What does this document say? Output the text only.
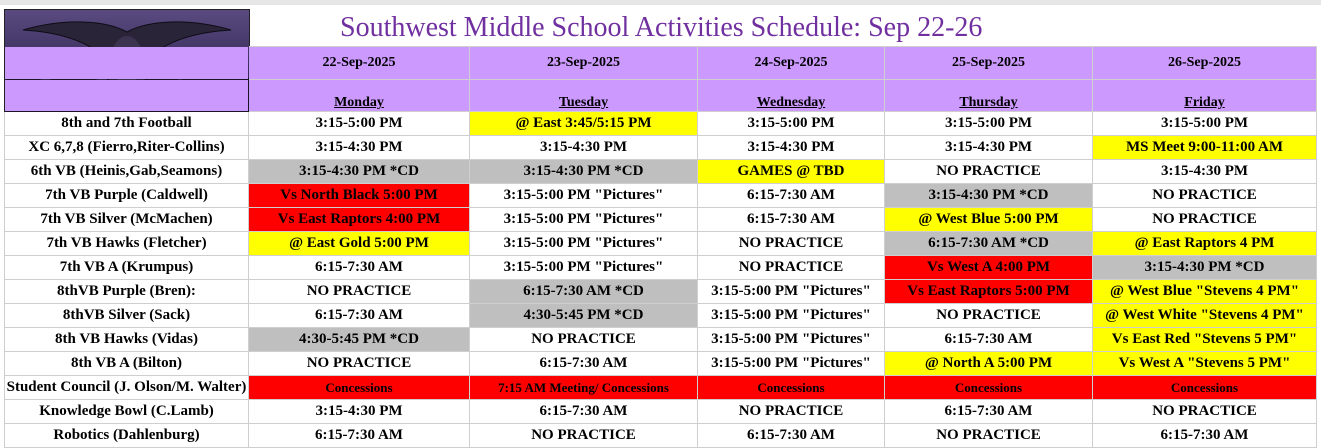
Southwest Middle School Activities Schedule: Sep 22-26
	22-Sep-2025	23-Sep-2025	24-Sep-2025	25-Sep-2025	26-Sep-2025
	Monday	Tuesday	Wednesday	Thursday	Friday
8th and 7th Football	3:15-5:00 PM	@ East 3:45/5:15 PM	3:15-5:00 PM	3:15-5:00 PM	3:15-5:00 PM
XC 6,7,8 (Fierro,Riter-Collins)	3:15-4:30 PM	3:15-4:30 PM	3:15-4:30 PM	3:15-4:30 PM	MS Meet 9:00-11:00 AM
6th VB (Heinis,Gab,Seamons)	3:15-4:30 PM *CD	3:15-4:30 PM *CD	GAMES @ TBD	NO PRACTICE	3:15-4:30 PM
7th VB Purple (Caldwell)	Vs North Black 5:00 PM	3:15-5:00 PM "Pictures"	6:15-7:30 AM	3:15-4:30 PM *CD	NO PRACTICE
7th VB Silver (McMachen)	Vs East Raptors 4:00 PM	3:15-5:00 PM "Pictures"	6:15-7:30 AM	@ West Blue 5:00 PM	NO PRACTICE
7th VB Hawks (Fletcher)	@ East Gold 5:00 PM	3:15-5:00 PM "Pictures"	NO PRACTICE	6:15-7:30 AM *CD	@ East Raptors 4 PM
7th VB A (Krumpus)	6:15-7:30 AM	3:15-5:00 PM "Pictures"	NO PRACTICE	Vs West A 4:00 PM	3:15-4:30 PM *CD
8thVB Purple (Bren):	NO PRACTICE	6:15-7:30 AM *CD	3:15-5:00 PM "Pictures"	Vs East Raptors 5:00 PM	@ West Blue "Stevens 4 PM"
8thVB Silver (Sack)	6:15-7:30 AM	4:30-5:45 PM *CD	3:15-5:00 PM "Pictures"	NO PRACTICE	@ West White "Stevens 4 PM"
8th VB Hawks (Vidas)	4:30-5:45 PM *CD	NO PRACTICE	3:15-5:00 PM "Pictures"	6:15-7:30 AM	Vs East Red "Stevens 5 PM"
8th VB A (Bilton)	NO PRACTICE	6:15-7:30 AM	3:15-5:00 PM "Pictures"	@ North A 5:00 PM	Vs West A "Stevens 5 PM"
Student Council (J. Olson/M. Walter)	Concessions	7:15 AM Meeting/ Concessions	Concessions	Concessions	Concessions
Knowledge Bowl (C.Lamb)	3:15-4:30 PM	6:15-7:30 AM	NO PRACTICE	6:15-7:30 AM	NO PRACTICE
Robotics (Dahlenburg)	6:15-7:30 AM	NO PRACTICE	6:15-7:30 AM	NO PRACTICE	6:15-7:30 AM
